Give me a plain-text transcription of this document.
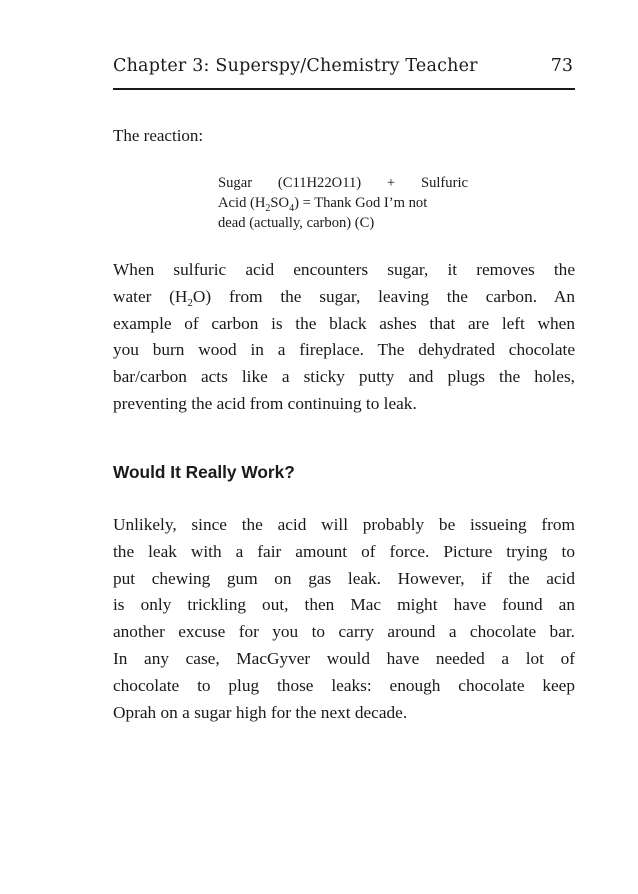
Chapter 3: Superspy/Chemistry Teacher	73
The reaction:
Sugar (C11H22O11) + Sulfuric
Acid $(H_2SO_4)$ = Thank God I’m not
dead (actually, carbon) (C)
When sulfuric acid encounters sugar, it removes the
water $(H_2O)$ from the sugar, leaving the carbon. An
example of carbon is the black ashes that are left when
you burn wood in a fireplace. The dehydrated chocolate
bar/carbon acts like a sticky putty and plugs the holes,
preventing the acid from continuing to leak.
Would It Really Work?
Unlikely, since the acid will probably be issueing from
the leak with a fair amount of force. Picture trying to
put chewing gum on gas leak. However, if the acid
is only trickling out, then Mac might have found an
another excuse for you to carry around a chocolate bar.
In any case, MacGyver would have needed a lot of
chocolate to plug those leaks: enough chocolate keep
Oprah on a sugar high for the next decade.
